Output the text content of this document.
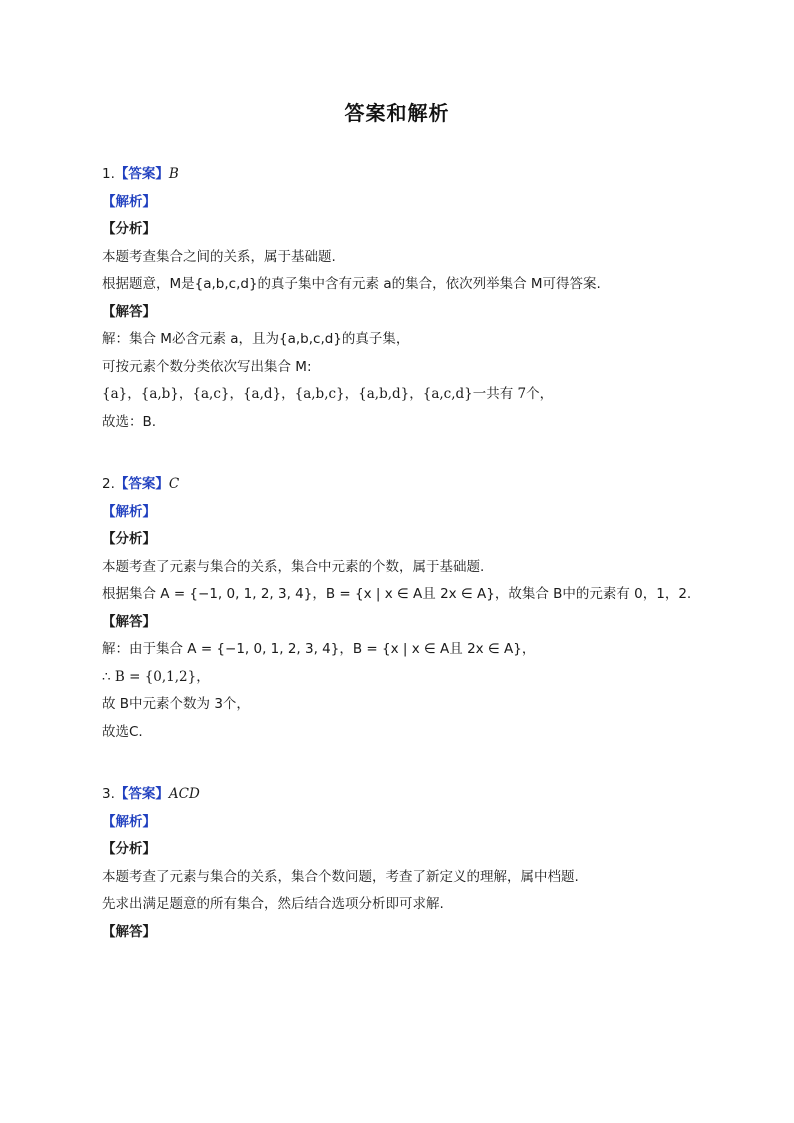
答案和解析
1.【答案】B
【解析】
【分析】
本题考查集合之间的关系，属于基础题.
根据题意，M是{a,b,c,d}的真子集中含有元素 a的集合，依次列举集合 M可得答案.
【解答】
解：集合 M必含元素 a，且为{a,b,c,d}的真子集，
可按元素个数分类依次写出集合 M:
{a}，{a,b}，{a,c}，{a,d}，{a,b,c}，{a,b,d}，{a,c,d}一共有 7个，
故选：B.
2.【答案】C
【解析】
【分析】
本题考查了元素与集合的关系，集合中元素的个数，属于基础题.
根据集合 A = {−1, 0, 1, 2, 3, 4}，B = {x | x ∈ A且 2x ∈ A}，故集合 B中的元素有 0，1，2.
【解答】
解：由于集合 A = {−1, 0, 1, 2, 3, 4}，B = {x | x ∈ A且 2x ∈ A}，
∴ B = {0,1,2}，
故 B中元素个数为 3个，
故选C.
3.【答案】ACD
【解析】
【分析】
本题考查了元素与集合的关系，集合个数问题，考查了新定义的理解，属中档题.
先求出满足题意的所有集合，然后结合选项分析即可求解.
【解答】
